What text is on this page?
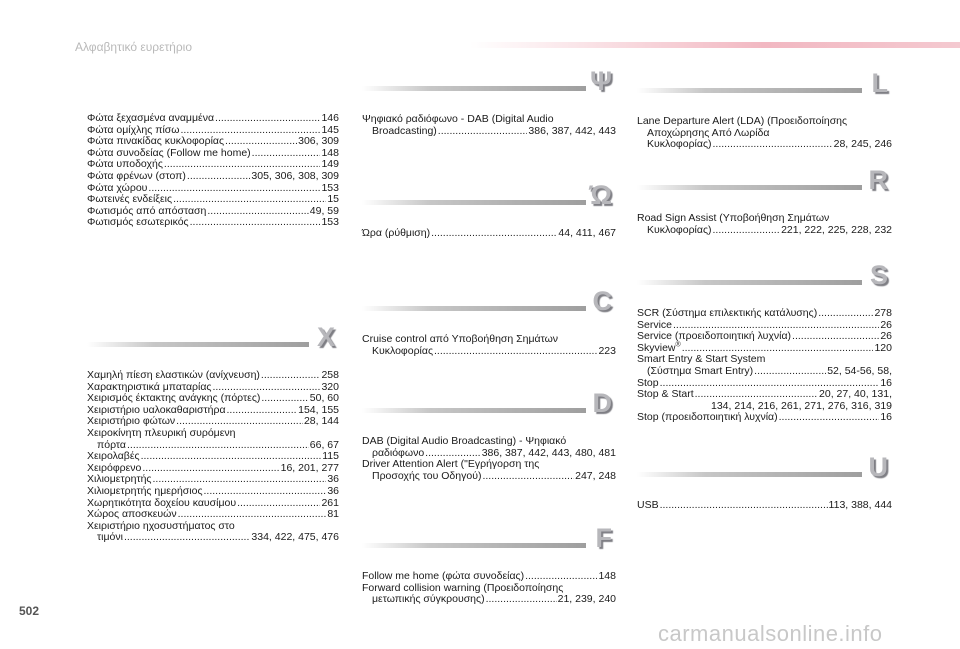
Αλφαβητικό ευρετήριο
Φώτα ξεχασμένα αναμμένα .....	146
Φώτα ομίχλης πίσω .....	145
Φώτα πινακίδας κυκλοφορίας .....	306, 309
Φώτα συνοδείας (Follow me home) .....	148
Φώτα υποδοχής .....	149
Φώτα φρένων (στοπ) .....	305, 306, 308, 309
Φώτα χώρου .....	153
Φωτεινές ενδείξεις .....	15
Φωτισμός από απόσταση .....	49, 59
Φωτισμός εσωτερικός .....	153
X
Χαμηλή πίεση ελαστικών (ανίχνευση) .....	258
Χαρακτηριστικά μπαταρίας .....	320
Χειρισμός έκτακτης ανάγκης (πόρτες) .....	50, 60
Χειριστήριο υαλοκαθαριστήρα .....	154, 155
Χειριστήριο φώτων .....	28, 144
Χειροκίνητη πλευρική συρόμενη
πόρτα .....	66, 67
Χειρολαβές .....	115
Χειρόφρενο .....	16, 201, 277
Χιλιομετρητής .....	36
Χιλιομετρητής ημερήσιος .....	36
Χωρητικότητα δοχείου καυσίμου .....	261
Χώρος αποσκευών .....	81
Χειριστήριο ηχοσυστήματος στο
τιμόνι .....	334, 422, 475, 476
Ψ
Ψηφιακό ραδιόφωνο - DAB (Digital Audio
Broadcasting) .....	386, 387, 442, 443
Ώ
Ώρα (ρύθμιση) .....	44, 411, 467
C
Cruise control από Υποβοήθηση Σημάτων
Κυκλοφορίας .....	223
D
DAB (Digital Audio Broadcasting) - Ψηφιακό
ραδιόφωνο .....	386, 387, 442, 443, 480, 481
Driver Attention Alert ("Εγρήγορση της
Προσοχής του Οδηγού) .....	247, 248
F
Follow me home (φώτα συνοδείας) .....	148
Forward collision warning (Προειδοποίησης
μετωπικής σύγκρουσης) .....	21, 239, 240
L
Lane Departure Alert (LDA) (Προειδοποίησης
Αποχώρησης Από Λωρίδα
Κυκλοφορίας) .....	28, 245, 246
R
Road Sign Assist (Υποβοήθηση Σημάτων
Κυκλοφορίας) .....	221, 222, 225, 228, 232
S
SCR (Σύστημα επιλεκτικής κατάλυσης) .....	278
Service .....	26
Service (προειδοποιητική λυχνία) .....	26
Skyview® .....	120
Smart Entry & Start System
(Σύστημα Smart Entry) .....	52, 54-56, 58,
Stop .....	16
Stop & Start .....	20, 27, 40, 131,
134, 214, 216, 261, 271, 276, 316, 319
Stop (προειδοποιητική λυχνία) .....	16
U
USB .....	113, 388, 444
502
carmanualsonline.info
